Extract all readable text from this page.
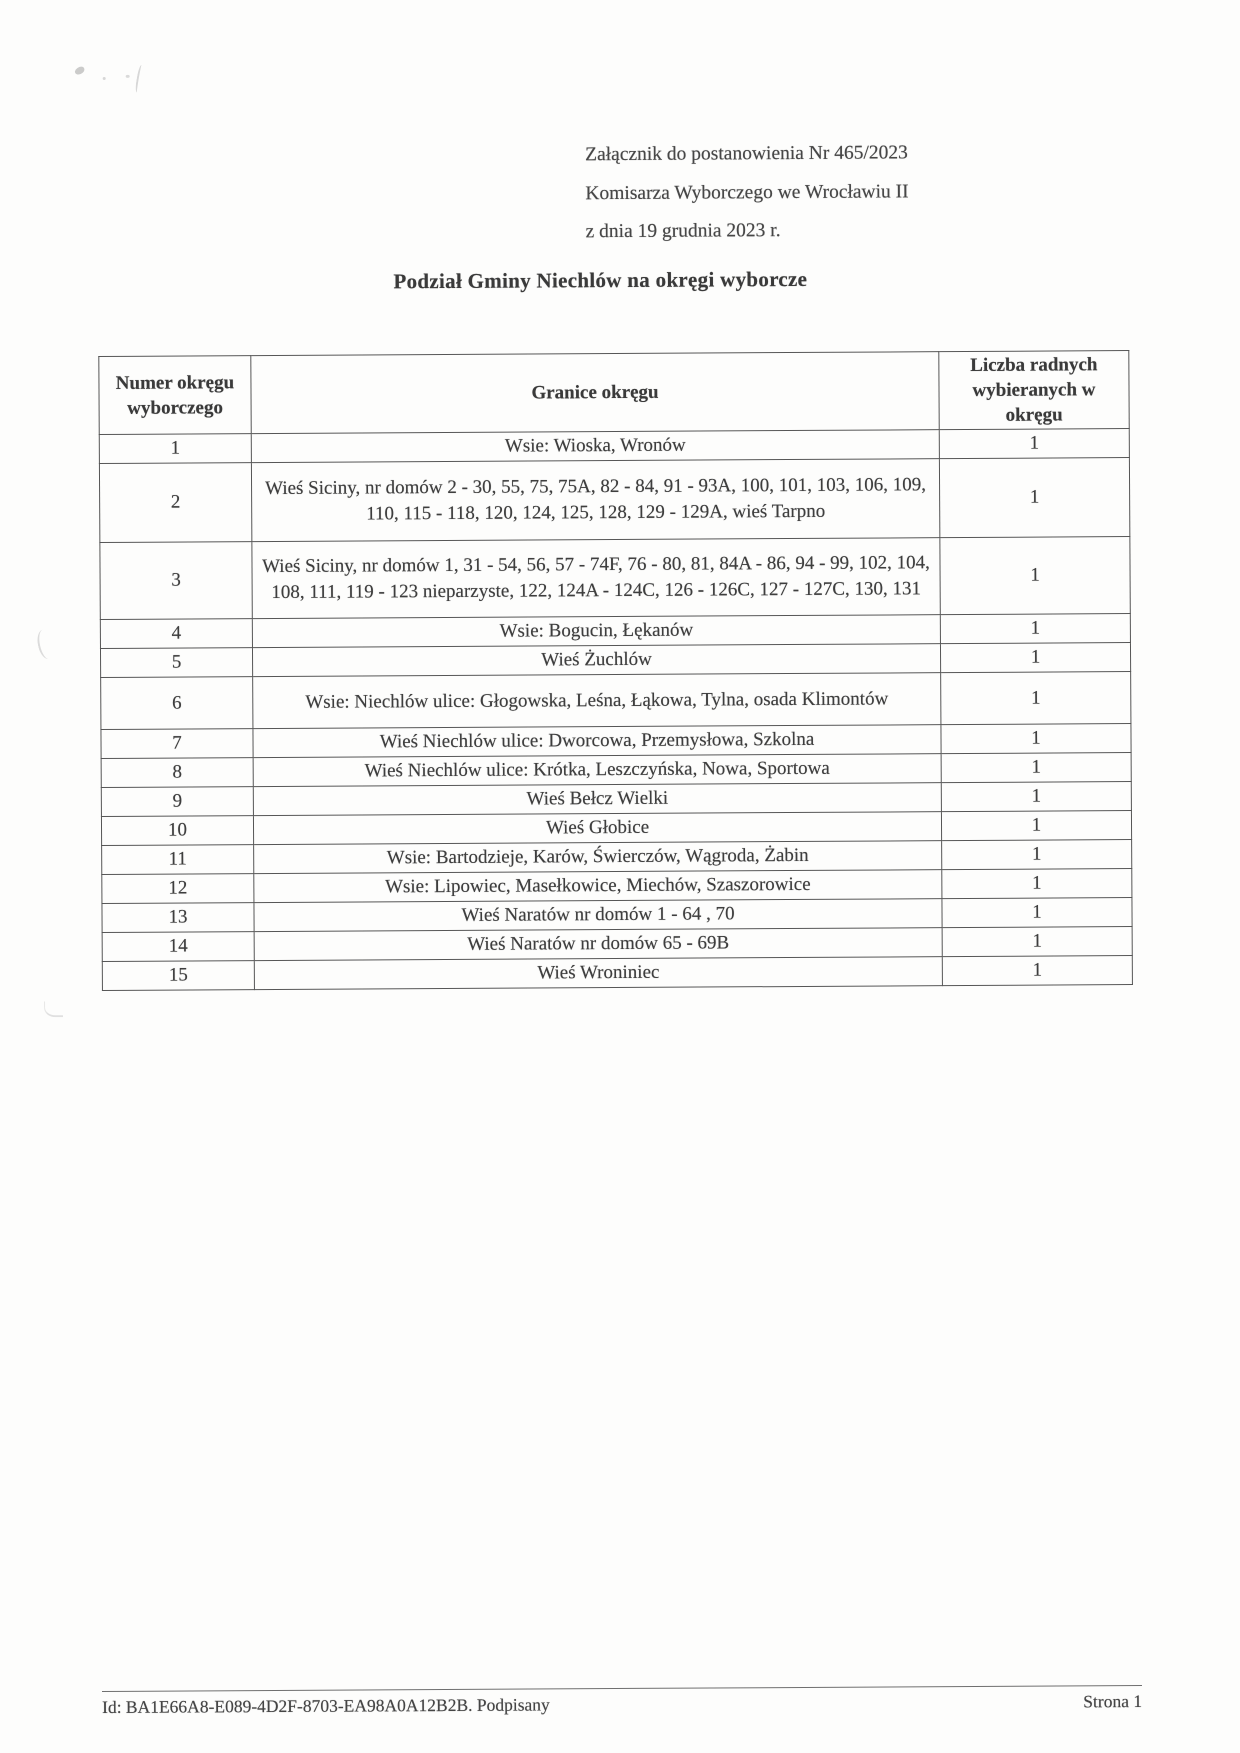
Załącznik do postanowienia Nr 465/2023
Komisarza Wyborczego we Wrocławiu II
z dnia 19 grudnia 2023 r.
Podział Gminy Niechlów na okręgi wyborcze
Numer okręgu wyborczego	Granice okręgu	Liczba radnych wybieranych w okręgu
1	Wsie: Wioska, Wronów	1
2	Wieś Siciny, nr domów 2 - 30, 55, 75, 75A, 82 - 84, 91 - 93A, 100, 101, 103, 106, 109, 110, 115 - 118, 120, 124, 125, 128, 129 - 129A, wieś Tarpno	1
3	Wieś Siciny, nr domów 1, 31 - 54, 56, 57 - 74F, 76 - 80, 81, 84A - 86, 94 - 99, 102, 104, 108, 111, 119 - 123 nieparzyste, 122, 124A - 124C, 126 - 126C, 127 - 127C, 130, 131	1
4	Wsie: Bogucin, Łękanów	1
5	Wieś Żuchlów	1
6	Wsie: Niechlów ulice: Głogowska, Leśna, Łąkowa, Tylna, osada Klimontów	1
7	Wieś Niechlów ulice: Dworcowa, Przemysłowa, Szkolna	1
8	Wieś Niechlów ulice: Krótka, Leszczyńska, Nowa, Sportowa	1
9	Wieś Bełcz Wielki	1
10	Wieś Głobice	1
11	Wsie: Bartodzieje, Karów, Świerczów, Wągroda, Żabin	1
12	Wsie: Lipowiec, Masełkowice, Miechów, Szaszorowice	1
13	Wieś Naratów nr domów 1 - 64 , 70	1
14	Wieś Naratów nr domów 65 - 69B	1
15	Wieś Wroniniec	1
Id: BA1E66A8-E089-4D2F-8703-EA98A0A12B2B. Podpisany	Strona 1
